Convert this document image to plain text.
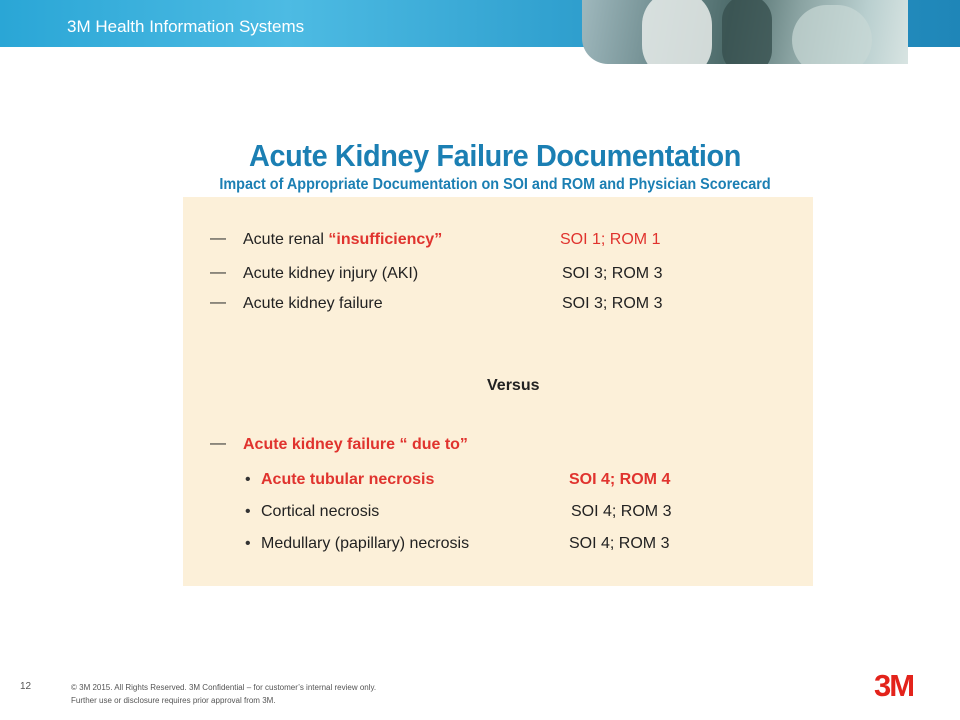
3M Health Information Systems
Acute Kidney Failure Documentation
Impact of Appropriate Documentation on SOI and ROM and Physician Scorecard
— Acute renal “insufficiency”	SOI 1; ROM 1
— Acute kidney injury (AKI)	SOI 3; ROM 3
— Acute kidney failure	SOI 3; ROM 3
Versus
— Acute kidney failure “ due to”
• Acute tubular necrosis	SOI 4; ROM 4
• Cortical necrosis	SOI 4; ROM 3
• Medullary (papillary) necrosis	SOI 4; ROM 3
12	© 3M 2015. All Rights Reserved. 3M Confidential – for customer’s internal review only.
Further use or disclosure requires prior approval from 3M.	3M
